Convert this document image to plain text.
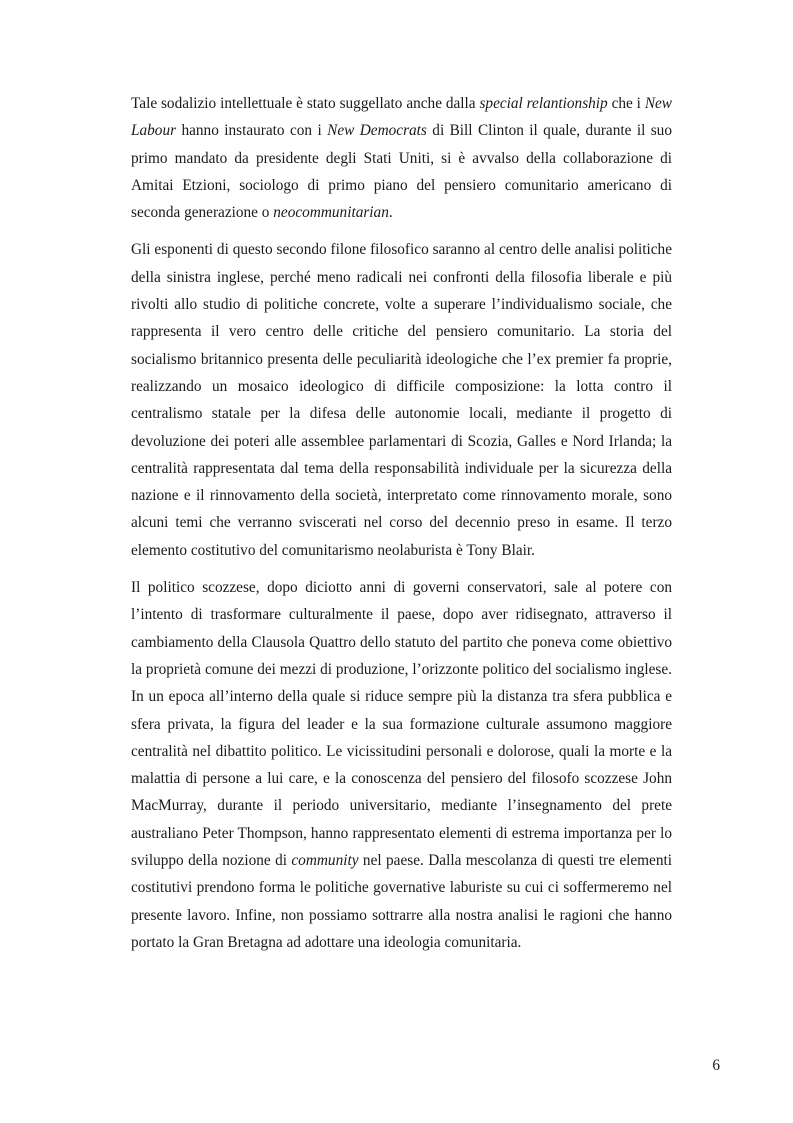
Tale sodalizio intellettuale è stato suggellato anche dalla special relantionship che i New Labour hanno instaurato con i New Democrats di Bill Clinton il quale, durante il suo primo mandato da presidente degli Stati Uniti, si è avvalso della collaborazione di Amitai Etzioni, sociologo di primo piano del pensiero comunitario americano di seconda generazione o neocommunitarian.

Gli esponenti di questo secondo filone filosofico saranno al centro delle analisi politiche della sinistra inglese, perché meno radicali nei confronti della filosofia liberale e più rivolti allo studio di politiche concrete, volte a superare l’individualismo sociale, che rappresenta il vero centro delle critiche del pensiero comunitario. La storia del socialismo britannico presenta delle peculiarità ideologiche che l’ex premier fa proprie, realizzando un mosaico ideologico di difficile composizione: la lotta contro il centralismo statale per la difesa delle autonomie locali, mediante il progetto di devoluzione dei poteri alle assemblee parlamentari di Scozia, Galles e Nord Irlanda; la centralità rappresentata dal tema della responsabilità individuale per la sicurezza della nazione e il rinnovamento della società, interpretato come rinnovamento morale, sono alcuni temi che verranno sviscerati nel corso del decennio preso in esame. Il terzo elemento costitutivo del comunitarismo neolaburista è Tony Blair.

Il politico scozzese, dopo diciotto anni di governi conservatori, sale al potere con l’intento di trasformare culturalmente il paese, dopo aver ridisegnato, attraverso il cambiamento della Clausola Quattro dello statuto del partito che poneva come obiettivo la proprietà comune dei mezzi di produzione, l’orizzonte politico del socialismo inglese. In un epoca all’interno della quale si riduce sempre più la distanza tra sfera pubblica e sfera privata, la figura del leader e la sua formazione culturale assumono maggiore centralità nel dibattito politico. Le vicissitudini personali e dolorose, quali la morte e la malattia di persone a lui care, e la conoscenza del pensiero del filosofo scozzese John MacMurray, durante il periodo universitario, mediante l’insegnamento del prete australiano Peter Thompson, hanno rappresentato elementi di estrema importanza per lo sviluppo della nozione di community nel paese. Dalla mescolanza di questi tre elementi costitutivi prendono forma le politiche governative laburiste su cui ci soffermeremo nel presente lavoro. Infine, non possiamo sottrarre alla nostra analisi le ragioni che hanno portato la Gran Bretagna ad adottare una ideologia comunitaria.

6
